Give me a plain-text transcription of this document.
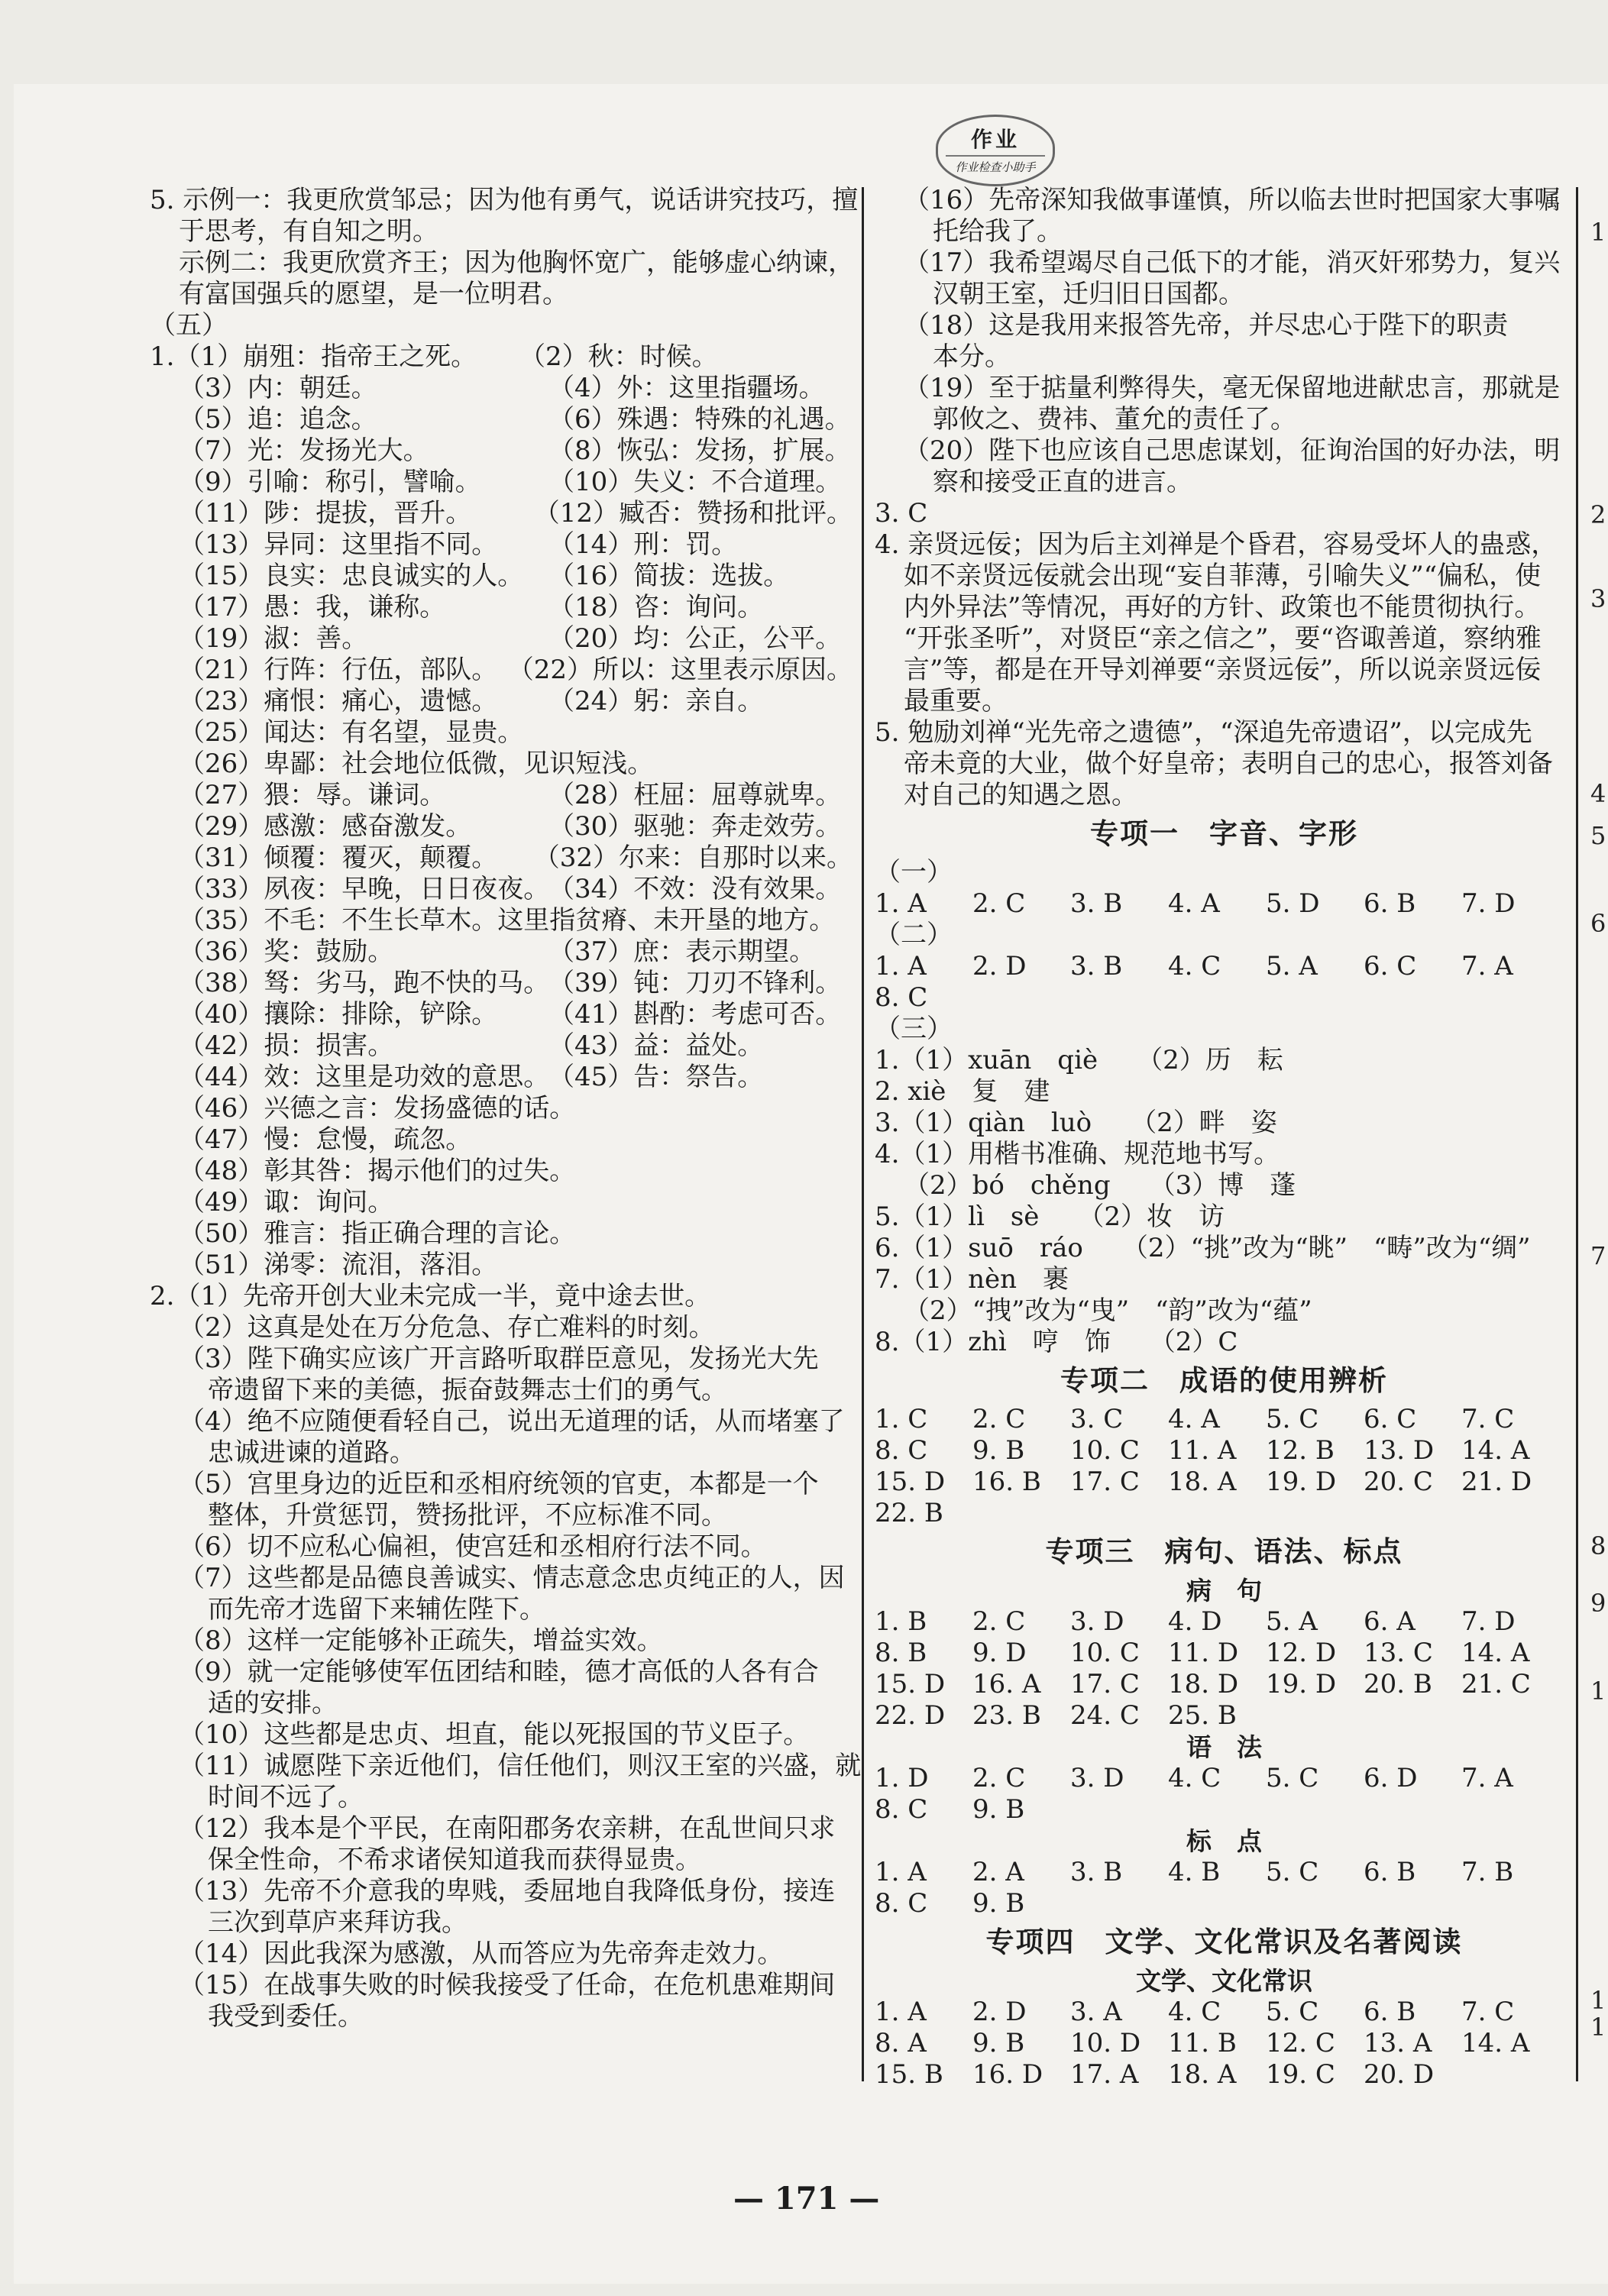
作业
作业检查小助手
5. 示例一：我更欣赏邹忌；因为他有勇气，说话讲究技巧，擅
于思考，有自知之明。
示例二：我更欣赏齐王；因为他胸怀宽广，能够虚心纳谏，
有富国强兵的愿望，是一位明君。
（五）
1.（1）崩殂：指帝王之死。	（2）秋：时候。
（3）内：朝廷。	（4）外：这里指疆场。
（5）追：追念。	（6）殊遇：特殊的礼遇。
（7）光：发扬光大。	（8）恢弘：发扬，扩展。
（9）引喻：称引，譬喻。	（10）失义：不合道理。
（11）陟：提拔，晋升。	（12）臧否：赞扬和批评。
（13）异同：这里指不同。	（14）刑：罚。
（15）良实：忠良诚实的人。 （16）简拔：选拔。
（17）愚：我，谦称。	（18）咨：询问。
（19）淑：善。	（20）均：公正，公平。
（21）行阵：行伍，部队。 （22）所以：这里表示原因。
（23）痛恨：痛心，遗憾。	（24）躬：亲自。
（25）闻达：有名望，显贵。
（26）卑鄙：社会地位低微，见识短浅。
（27）猥：辱。谦词。	（28）枉屈：屈尊就卑。
（29）感激：感奋激发。	（30）驱驰：奔走效劳。
（31）倾覆：覆灭，颠覆。	（32）尔来：自那时以来。
（33）夙夜：早晚，日日夜夜。
（34）不效：没有效果。
（35）不毛：不生长草木。这里指贫瘠、未开垦的地方。
（36）奖：鼓励。	（37）庶：表示期望。
（38）驽：劣马，跑不快的马。
（39）钝：刀刃不锋利。
（40）攘除：排除，铲除。	（41）斟酌：考虑可否。
（42）损：损害。	（43）益：益处。
（44）效：这里是功效的意思。
（45）告：祭告。
（46）兴德之言：发扬盛德的话。
（47）慢：怠慢，疏忽。
（48）彰其咎：揭示他们的过失。
（49）诹：询问。
（50）雅言：指正确合理的言论。
（51）涕零：流泪，落泪。
2.（1）先帝开创大业未完成一半，竟中途去世。
（2）这真是处在万分危急、存亡难料的时刻。
（3）陛下确实应该广开言路听取群臣意见，发扬光大先
帝遗留下来的美德，振奋鼓舞志士们的勇气。
（4）绝不应随便看轻自己，说出无道理的话，从而堵塞了
忠诚进谏的道路。
（5）宫里身边的近臣和丞相府统领的官吏，本都是一个
整体，升赏惩罚，赞扬批评，不应标准不同。
（6）切不应私心偏袒，使宫廷和丞相府行法不同。
（7）这些都是品德良善诚实、情志意念忠贞纯正的人，因
而先帝才选留下来辅佐陛下。
（8）这样一定能够补正疏失，增益实效。
（9）就一定能够使军伍团结和睦，德才高低的人各有合
适的安排。
（10）这些都是忠贞、坦直，能以死报国的节义臣子。
（11）诚愿陛下亲近他们，信任他们，则汉王室的兴盛，就
时间不远了。
（12）我本是个平民，在南阳郡务农亲耕，在乱世间只求
保全性命，不希求诸侯知道我而获得显贵。
（13）先帝不介意我的卑贱，委屈地自我降低身份，接连
三次到草庐来拜访我。
（14）因此我深为感激，从而答应为先帝奔走效力。
（15）在战事失败的时候我接受了任命，在危机患难期间
我受到委任。
（16）先帝深知我做事谨慎，所以临去世时把国家大事嘱
托给我了。
（17）我希望竭尽自己低下的才能，消灭奸邪势力，复兴
汉朝王室，迁归旧日国都。
（18）这是我用来报答先帝，并尽忠心于陛下的职责
本分。
（19）至于掂量利弊得失，毫无保留地进献忠言，那就是
郭攸之、费祎、董允的责任了。
（20）陛下也应该自己思虑谋划，征询治国的好办法，明
察和接受正直的进言。
3. C
4. 亲贤远佞；因为后主刘禅是个昏君，容易受坏人的蛊惑，
如不亲贤远佞就会出现“妄自菲薄，引喻失义”“偏私，使
内外异法”等情况，再好的方针、政策也不能贯彻执行。
“开张圣听”，对贤臣“亲之信之”，要“咨诹善道，察纳雅
言”等，都是在开导刘禅要“亲贤远佞”，所以说亲贤远佞
最重要。
5. 勉励刘禅“光先帝之遗德”，“深追先帝遗诏”，以完成先
帝未竟的大业，做个好皇帝；表明自己的忠心，报答刘备
对自己的知遇之恩。
专项一　字音、字形
（一）
1. A	2. C	3. B	4. A	5. D	6. B	7. D
（二）
1. A	2. D	3. B	4. C	5. A	6. C	7. A
8. C
（三）
1.（1）xuān　qiè　　（2）历　耘
2. xiè　复　建
3.（1）qiàn　luò　　（2）畔　姿
4.（1）用楷书准确、规范地书写。
（2）bó　chěng　　（3）博　蓬
5.（1）lì　sè　　（2）妆　访
6.（1）suō　ráo　　（2）“挑”改为“眺”　“畴”改为“绸”
7.（1）nèn　裹
（2）“拽”改为“曳”　“韵”改为“蕴”
8.（1）zhì　哼　饰　　（2）C
专项二　成语的使用辨析
1. C	2. C	3. C	4. A	5. C	6. C	7. C
8. C	9. B	10. C	11. A	12. B	13. D	14. A
15. D	16. B	17. C	18. A	19. D	20. C	21. D
22. B
专项三　病句、语法、标点
病　句
1. B	2. C	3. D	4. D	5. A	6. A	7. D
8. B	9. D	10. C	11. D	12. D	13. C	14. A
15. D	16. A	17. C	18. D	19. D	20. B	21. C
22. D	23. B	24. C	25. B
语　法
1. D	2. C	3. D	4. C	5. C	6. D	7. A
8. C	9. B
标　点
1. A	2. A	3. B	4. B	5. C	6. B	7. B
8. C	9. B
专项四　文学、文化常识及名著阅读
文学、文化常识
1. A	2. D	3. A	4. C	5. C	6. B	7. C
8. A	9. B	10. D	11. B	12. C	13. A	14. A
15. B	16. D	17. A	18. A	19. C	20. D
— 171 —
1
2
3
4
5
6
7
8
9
1
1
1
